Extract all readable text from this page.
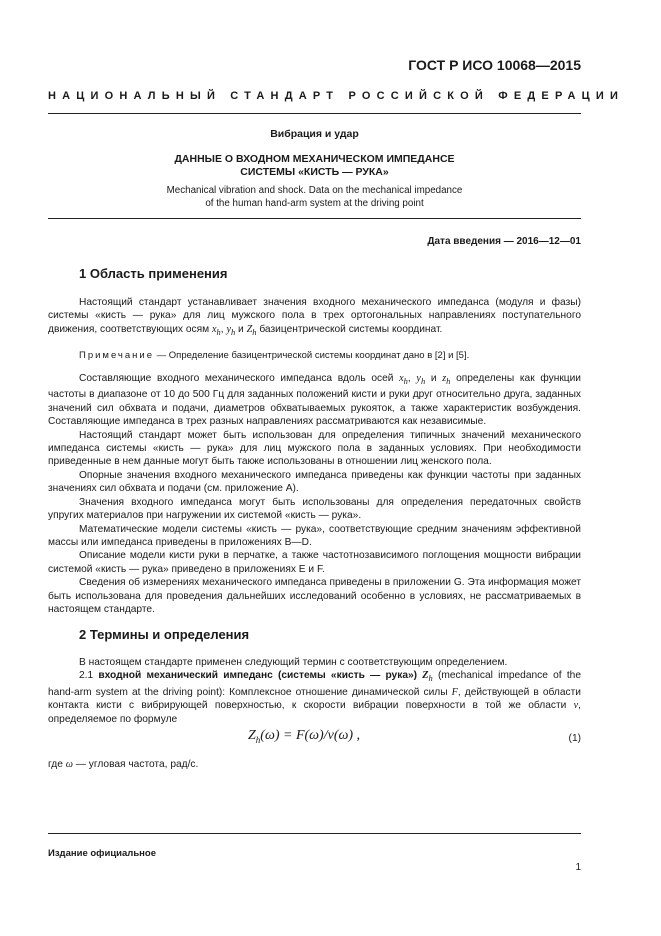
ГОСТ Р ИСО 10068—2015
НАЦИОНАЛЬНЫЙ СТАНДАРТ РОССИЙСКОЙ ФЕДЕРАЦИИ
Вибрация и удар
ДАННЫЕ О ВХОДНОМ МЕХАНИЧЕСКОМ ИМПЕДАНСЕ
СИСТЕМЫ «КИСТЬ — РУКА»
Mechanical vibration and shock. Data on the mechanical impedance
of the human hand-arm system at the driving point
Дата введения — 2016—12—01
1 Область применения

Настоящий стандарт устанавливает значения входного механического импеданса (модуля и фазы) системы «кисть — рука» для лиц мужского пола в трех ортогональных направлениях поступательного движения, соответствующих осям $x_h$, $y_h$ и $Z_h$ базицентрической системы координат.

Примечание — Определение базицентрической системы координат дано в [2] и [5].

Составляющие входного механического импеданса вдоль осей $x_h$, $y_h$ и $z_h$ определены как функции частоты в диапазоне от 10 до 500 Гц для заданных положений кисти и руки друг относительно друга, заданных значений сил обхвата и подачи, диаметров обхватываемых рукояток, а также характеристик возбуждения. Составляющие импеданса в трех разных направлениях рассматриваются как независимые.

Настоящий стандарт может быть использован для определения типичных значений механического импеданса системы «кисть — рука» для лиц мужского пола в заданных условиях. При необходимости приведенные в нем данные могут быть также использованы в отношении лиц женского пола.

Опорные значения входного механического импеданса приведены как функции частоты при заданных значениях сил обхвата и подачи (см. приложение А).

Значения входного импеданса могут быть использованы для определения передаточных свойств упругих материалов при нагружении их системой «кисть — рука».

Математические модели системы «кисть — рука», соответствующие средним значениям эффективной массы или импеданса приведены в приложениях В—D.

Описание модели кисти руки в перчатке, а также частотнозависимого поглощения мощности вибрации системой «кисть — рука» приведено в приложениях Е и F.

Сведения об измерениях механического импеданса приведены в приложении G. Эта информация может быть использована для проведения дальнейших исследований особенно в условиях, не рассматриваемых в настоящем стандарте.

2 Термины и определения

В настоящем стандарте применен следующий термин с соответствующим определением.

2.1 входной механический импеданс (системы «кисть — рука») $Z_h$ (mechanical impedance of the hand-arm system at the driving point): Комплексное отношение динамической силы F, действующей в области контакта кисти с вибрирующей поверхностью, к скорости вибрации поверхности в той же области v, определяемое по формуле

$Z_h(\omega) = F(\omega)/v(\omega)$ ,	(1)
где ω — угловая частота, рад/с.
Издание официальное
1
